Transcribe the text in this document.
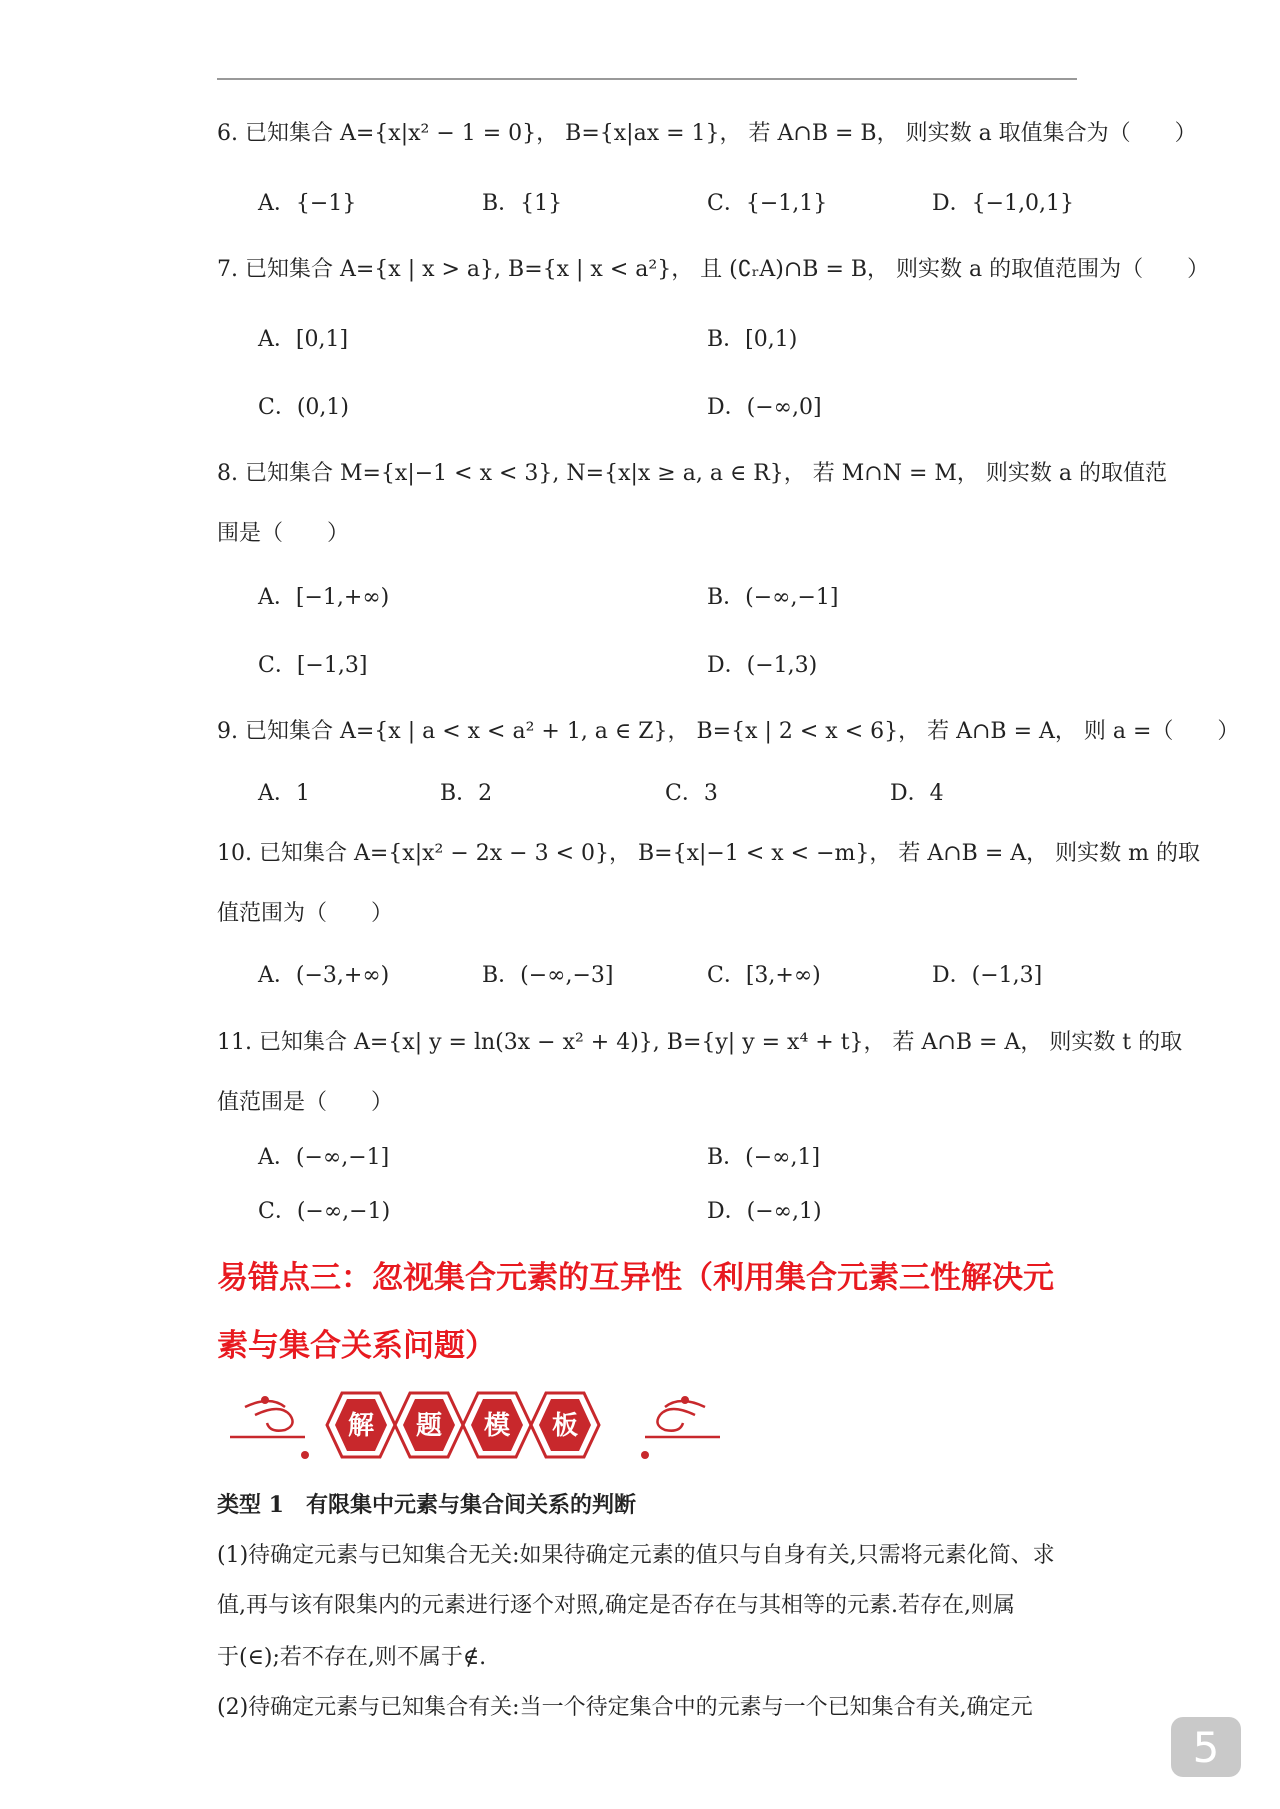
6. 已知集合 A={x|x² − 1 = 0}， B={x|ax = 1}， 若 A∩B = B， 则实数 a 取值集合为（　　）
A．{−1}	B．{1}	C．{−1,1}	D．{−1,0,1}
7. 已知集合 A={x | x > a}, B={x | x < a²}， 且 (∁ᵣA)∩B = B， 则实数 a 的取值范围为（　　）
A．[0,1]	B．[0,1)
C．(0,1)	D．(−∞,0]
8. 已知集合 M={x|−1 < x < 3}, N={x|x ≥ a, a ∈ R}， 若 M∩N = M， 则实数 a 的取值范
围是（　　）
A．[−1,+∞)	B．(−∞,−1]
C．[−1,3]	D．(−1,3)
9. 已知集合 A={x | a < x < a² + 1, a ∈ Z}， B={x | 2 < x < 6}， 若 A∩B = A， 则 a =（　　）
A．1	B．2	C．3	D．4
10. 已知集合 A={x|x² − 2x − 3 < 0}， B={x|−1 < x < −m}， 若 A∩B = A， 则实数 m 的取
值范围为（　　）
A．(−3,+∞)	B．(−∞,−3]	C．[3,+∞)	D．(−1,3]
11. 已知集合 A={x| y = ln(3x − x² + 4)}, B={y| y = x⁴ + t}， 若 A∩B = A， 则实数 t 的取
值范围是（　　）
A．(−∞,−1]	B．(−∞,1]
C．(−∞,−1)	D．(−∞,1)
易错点三：忽视集合元素的互异性（利用集合元素三性解决元
素与集合关系问题）
解 题 模 板
类型 1　有限集中元素与集合间关系的判断
(1)待确定元素与已知集合无关:如果待确定元素的值只与自身有关,只需将元素化简、求
值,再与该有限集内的元素进行逐个对照,确定是否存在与其相等的元素.若存在,则属
于(∈);若不存在,则不属于∉.
(2)待确定元素与已知集合有关:当一个待定集合中的元素与一个已知集合有关,确定元
5
